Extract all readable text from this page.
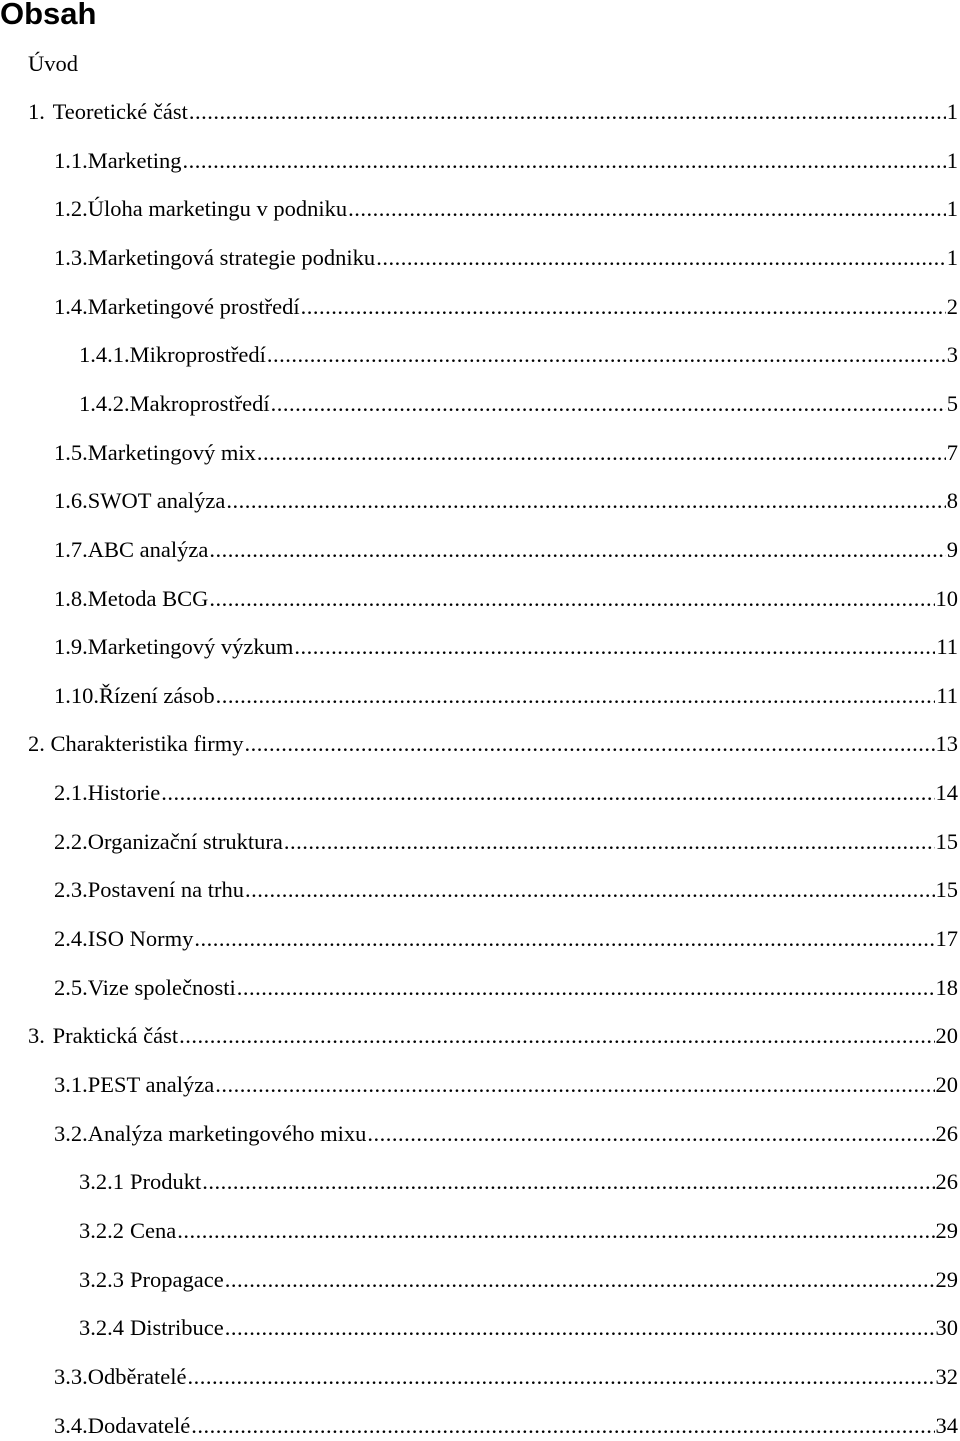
Obsah
Úvod
1. Teoretické část .....	1
1.1. Marketing .....	1
1.2. Úloha marketingu v podniku .....	1
1.3. Marketingová strategie podniku .....	1
1.4. Marketingové prostředí .....	2
1.4.1. Mikroprostředí .....	3
1.4.2. Makroprostředí .....	5
1.5. Marketingový mix .....	7
1.6. SWOT analýza .....	8
1.7. ABC analýza .....	9
1.8. Metoda BCG .....	10
1.9. Marketingový výzkum .....	11
1.10. Řízení zásob .....	11
2. Charakteristika firmy .....	13
2.1. Historie .....	14
2.2. Organizační struktura .....	15
2.3. Postavení na trhu .....	15
2.4. ISO Normy .....	17
2.5. Vize společnosti .....	18
3. Praktická část .....	20
3.1. PEST analýza .....	20
3.2. Analýza marketingového mixu .....	26
3.2.1 Produkt .....	26
3.2.2 Cena .....	29
3.2.3 Propagace .....	29
3.2.4 Distribuce .....	30
3.3. Odběratelé .....	32
3.4. Dodavatelé .....	34
